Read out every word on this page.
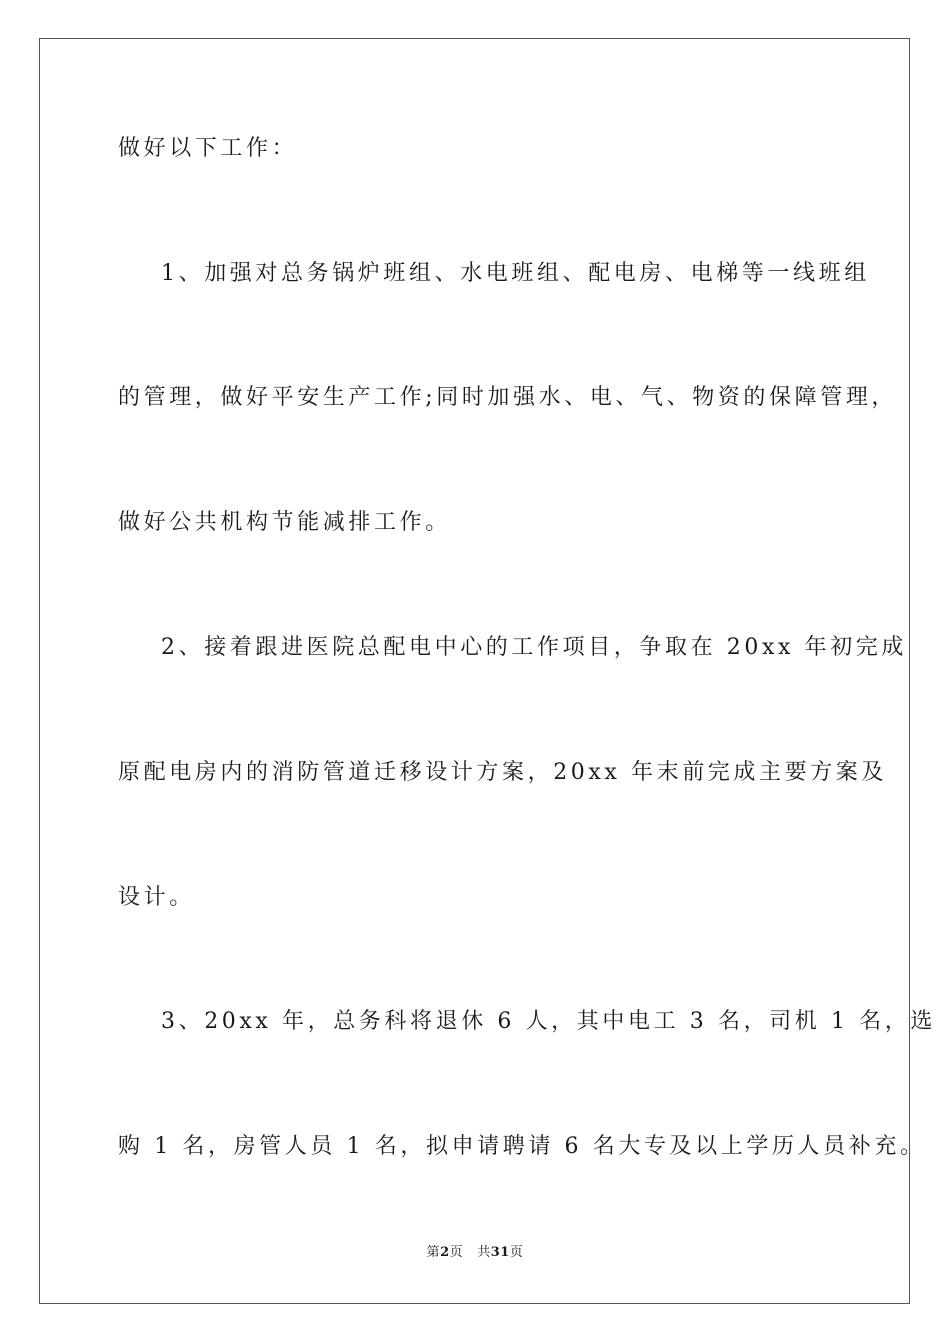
做好以下工作：
1、加强对总务锅炉班组、水电班组、配电房、电梯等一线班组
的管理，做好平安生产工作;同时加强水、电、气、物资的保障管理，
做好公共机构节能减排工作。
2、接着跟进医院总配电中心的工作项目，争取在 20xx 年初完成
原配电房内的消防管道迁移设计方案，20xx 年末前完成主要方案及
设计。
3、20xx 年，总务科将退休 6 人，其中电工 3 名，司机 1 名，选
购 1 名，房管人员 1 名，拟申请聘请 6 名大专及以上学历人员补充。
第2页 共31页
